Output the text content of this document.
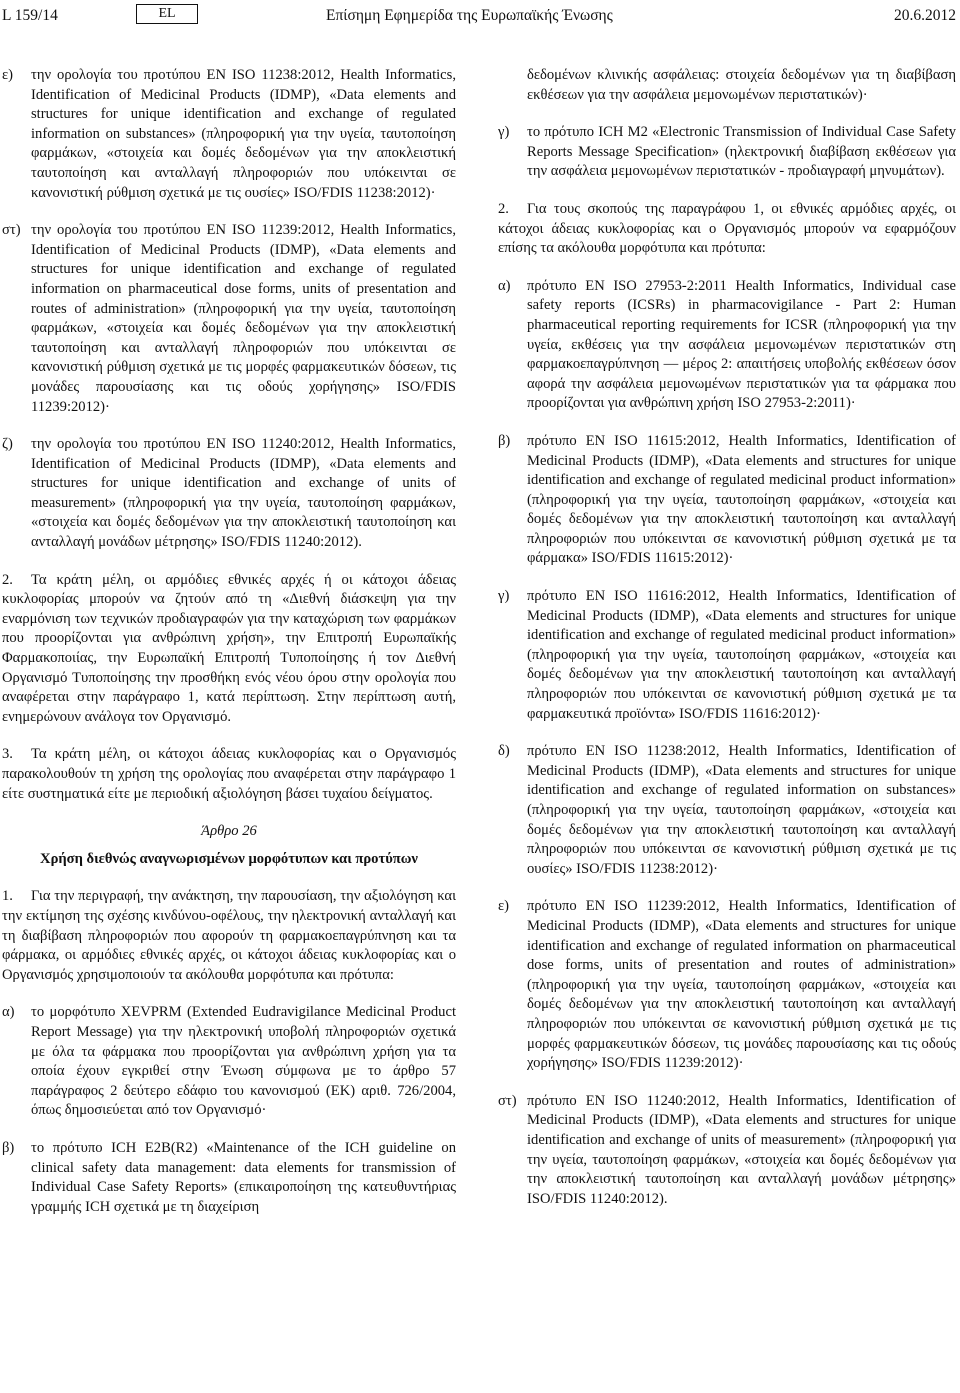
L 159/14	EL	Επίσημη Εφημερίδα της Ευρωπαϊκής Ένωσης	20.6.2012
ε) την ορολογία του προτύπου EN ISO 11238:2012, Health Informatics, Identification of Medicinal Products (IDMP), «Data elements and structures for unique identification and exchange of regulated information on substances» (πληροφορική για την υγεία, ταυτοποίηση φαρμάκων, «στοιχεία και δομές δεδομένων για την αποκλειστική ταυτοποίηση και ανταλλαγή πληροφοριών που υπόκεινται σε κανονιστική ρύθμιση σχετικά με τις ουσίες» ISO/FDIS 11238:2012)·
στ) την ορολογία του προτύπου EN ISO 11239:2012, Health Informatics, Identification of Medicinal Products (IDMP), «Data elements and structures for unique identification and exchange of regulated information on pharmaceutical dose forms, units of presentation and routes of administration» (πληροφορική για την υγεία, ταυτοποίηση φαρμάκων, «στοιχεία και δομές δεδομένων για την αποκλειστική ταυτοποίηση και ανταλλαγή πληροφοριών που υπόκεινται σε κανονιστική ρύθμιση σχετικά με τις μορφές φαρμακευτικών δόσεων, τις μονάδες παρουσίασης και τις οδούς χορήγησης» ISO/FDIS 11239:2012)·
ζ) την ορολογία του προτύπου EN ISO 11240:2012, Health Informatics, Identification of Medicinal Products (IDMP), «Data elements and structures for unique identification and exchange of units of measurement» (πληροφορική για την υγεία, ταυτοποίηση φαρμάκων, «στοιχεία και δομές δεδομένων για την αποκλειστική ταυτοποίηση και ανταλλαγή μονάδων μέτρησης» ISO/FDIS 11240:2012).
2. Τα κράτη μέλη, οι αρμόδιες εθνικές αρχές ή οι κάτοχοι άδειας κυκλοφορίας μπορούν να ζητούν από τη «Διεθνή διάσκεψη για την εναρμόνιση των τεχνικών προδιαγραφών για την καταχώριση των φαρμάκων που προορίζονται για ανθρώπινη χρήση», την Επιτροπή Ευρωπαϊκής Φαρμακοποιίας, την Ευρωπαϊκή Επιτροπή Τυποποίησης ή τον Διεθνή Οργανισμό Τυποποίησης την προσθήκη ενός νέου όρου στην ορολογία που αναφέρεται στην παράγραφο 1, κατά περίπτωση. Στην περίπτωση αυτή, ενημερώνουν ανάλογα τον Οργανισμό.
3. Τα κράτη μέλη, οι κάτοχοι άδειας κυκλοφορίας και ο Οργανισμός παρακολουθούν τη χρήση της ορολογίας που αναφέρεται στην παράγραφο 1 είτε συστηματικά είτε με περιοδική αξιολόγηση βάσει τυχαίου δείγματος.
Άρθρο 26
Χρήση διεθνώς αναγνωρισμένων μορφότυπων και προτύπων
1. Για την περιγραφή, την ανάκτηση, την παρουσίαση, την αξιολόγηση και την εκτίμηση της σχέσης κινδύνου-οφέλους, την ηλεκτρονική ανταλλαγή και τη διαβίβαση πληροφοριών που αφορούν τη φαρμακοεπαγρύπνηση και τα φάρμακα, οι αρμόδιες εθνικές αρχές, οι κάτοχοι άδειας κυκλοφορίας και ο Οργανισμός χρησιμοποιούν τα ακόλουθα μορφότυπα και πρότυπα:
α) το μορφότυπο XEVPRM (Extended Eudravigilance Medicinal Product Report Message) για την ηλεκτρονική υποβολή πληροφοριών σχετικά με όλα τα φάρμακα που προορίζονται για ανθρώπινη χρήση για τα οποία έχουν εγκριθεί στην Ένωση σύμφωνα με το άρθρο 57 παράγραφος 2 δεύτερο εδάφιο του κανονισμού (ΕΚ) αριθ. 726/2004, όπως δημοσιεύεται από τον Οργανισμό·
β) το πρότυπο ICH E2B(R2) «Maintenance of the ICH guideline on clinical safety data management: data elements for transmission of Individual Case Safety Reports» (επικαιροποίηση της κατευθυντήριας γραμμής ICH σχετικά με τη διαχείριση
δεδομένων κλινικής ασφάλειας: στοιχεία δεδομένων για τη διαβίβαση εκθέσεων για την ασφάλεια μεμονωμένων περιστατικών)·
γ) το πρότυπο ICH M2 «Electronic Transmission of Individual Case Safety Reports Message Specification» (ηλεκτρονική διαβίβαση εκθέσεων για την ασφάλεια μεμονωμένων περιστατικών - προδιαγραφή μηνυμάτων).
2. Για τους σκοπούς της παραγράφου 1, οι εθνικές αρμόδιες αρχές, οι κάτοχοι άδειας κυκλοφορίας και ο Οργανισμός μπορούν να εφαρμόζουν επίσης τα ακόλουθα μορφότυπα και πρότυπα:
α) πρότυπο EN ISO 27953-2:2011 Health Informatics, Individual case safety reports (ICSRs) in pharmacovigilance - Part 2: Human pharmaceutical reporting requirements for ICSR (πληροφορική για την υγεία, εκθέσεις για την ασφάλεια μεμονωμένων περιστατικών στη φαρμακοεπαγρύπνηση — μέρος 2: απαιτήσεις υποβολής εκθέσεων όσον αφορά την ασφάλεια μεμονωμένων περιστατικών για τα φάρμακα που προορίζονται για ανθρώπινη χρήση ISO 27953-2:2011)·
β) πρότυπο EN ISO 11615:2012, Health Informatics, Identification of Medicinal Products (IDMP), «Data elements and structures for unique identification and exchange of regulated medicinal product information» (πληροφορική για την υγεία, ταυτοποίηση φαρμάκων, «στοιχεία και δομές δεδομένων για την αποκλειστική ταυτοποίηση και ανταλλαγή πληροφοριών που υπόκεινται σε κανονιστική ρύθμιση σχετικά με τα φάρμακα» ISO/FDIS 11615:2012)·
γ) πρότυπο EN ISO 11616:2012, Health Informatics, Identification of Medicinal Products (IDMP), «Data elements and structures for unique identification and exchange of regulated medicinal product information» (πληροφορική για την υγεία, ταυτοποίηση φαρμάκων, «στοιχεία και δομές δεδομένων για την αποκλειστική ταυτοποίηση και ανταλλαγή πληροφοριών που υπόκεινται σε κανονιστική ρύθμιση σχετικά με τα φαρμακευτικά προϊόντα» ISO/FDIS 11616:2012)·
δ) πρότυπο EN ISO 11238:2012, Health Informatics, Identification of Medicinal Products (IDMP), «Data elements and structures for unique identification and exchange of regulated information on substances» (πληροφορική για την υγεία, ταυτοποίηση φαρμάκων, «στοιχεία και δομές δεδομένων για την αποκλειστική ταυτοποίηση και ανταλλαγή πληροφοριών που υπόκεινται σε κανονιστική ρύθμιση σχετικά με τις ουσίες» ISO/FDIS 11238:2012)·
ε) πρότυπο EN ISO 11239:2012, Health Informatics, Identification of Medicinal Products (IDMP), «Data elements and structures for unique identification and exchange of regulated information on pharmaceutical dose forms, units of presentation and routes of administration» (πληροφορική για την υγεία, ταυτοποίηση φαρμάκων, «στοιχεία και δομές δεδομένων για την αποκλειστική ταυτοποίηση και ανταλλαγή πληροφοριών που υπόκεινται σε κανονιστική ρύθμιση σχετικά με τις μορφές φαρμακευτικών δόσεων, τις μονάδες παρουσίασης και τις οδούς χορήγησης» ISO/FDIS 11239:2012)·
στ) πρότυπο EN ISO 11240:2012, Health Informatics, Identification of Medicinal Products (IDMP), «Data elements and structures for unique identification and exchange of units of measurement» (πληροφορική για την υγεία, ταυτοποίηση φαρμάκων, «στοιχεία και δομές δεδομένων για την αποκλειστική ταυτοποίηση και ανταλλαγή μονάδων μέτρησης» ISO/FDIS 11240:2012).
